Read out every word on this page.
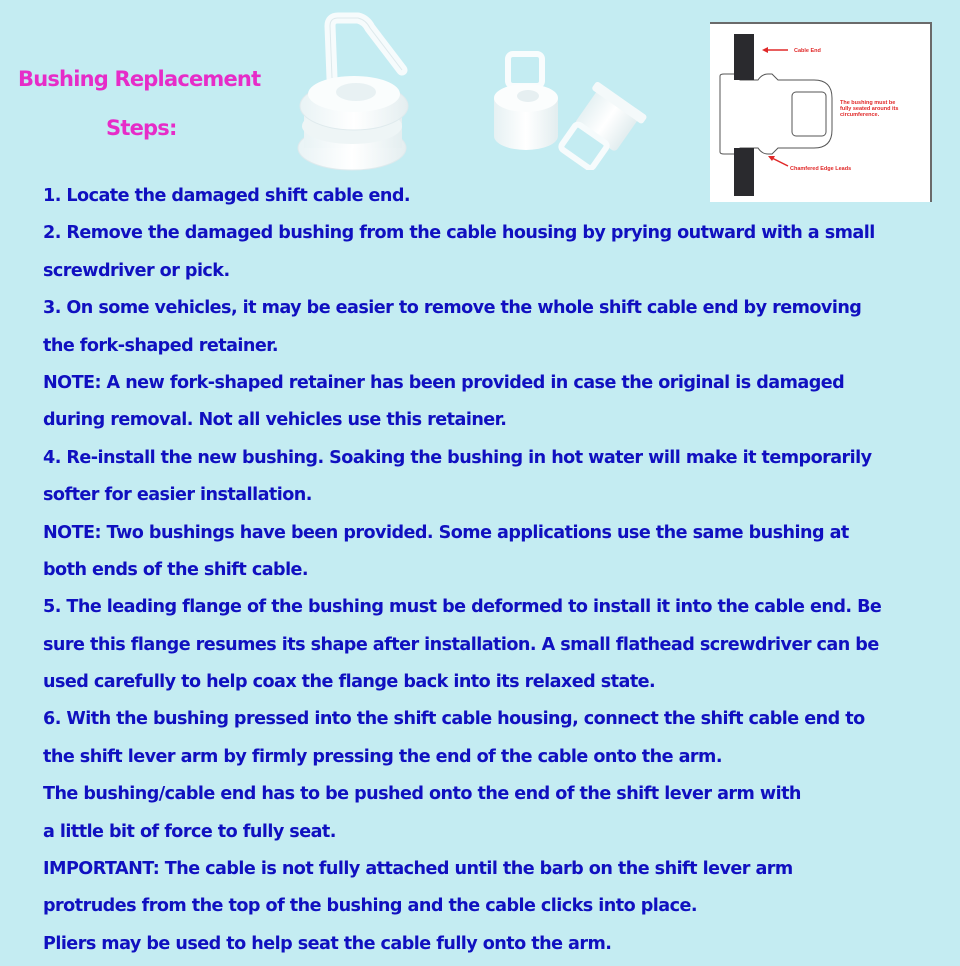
Bushing Replacement
Steps:
Cable End
The bushing must be
fully seated around its
circumference.
Chamfered Edge Leads
1. Locate the damaged shift cable end.
2. Remove the damaged bushing from the cable housing by prying outward with a small
screwdriver or pick.
3. On some vehicles, it may be easier to remove the whole shift cable end by removing
the fork-shaped retainer.
NOTE: A new fork-shaped retainer has been provided in case the original is damaged
during removal. Not all vehicles use this retainer.
4. Re-install the new bushing. Soaking the bushing in hot water will make it temporarily
softer for easier installation.
NOTE: Two bushings have been provided. Some applications use the same bushing at
both ends of the shift cable.
5. The leading flange of the bushing must be deformed to install it into the cable end. Be
sure this flange resumes its shape after installation. A small flathead screwdriver can be
used carefully to help coax the flange back into its relaxed state.
6. With the bushing pressed into the shift cable housing, connect the shift cable end to
the shift lever arm by firmly pressing the end of the cable onto the arm.
The bushing/cable end has to be pushed onto the end of the shift lever arm with
a little bit of force to fully seat.
IMPORTANT: The cable is not fully attached until the barb on the shift lever arm
protrudes from the top of the bushing and the cable clicks into place.
Pliers may be used to help seat the cable fully onto the arm.
